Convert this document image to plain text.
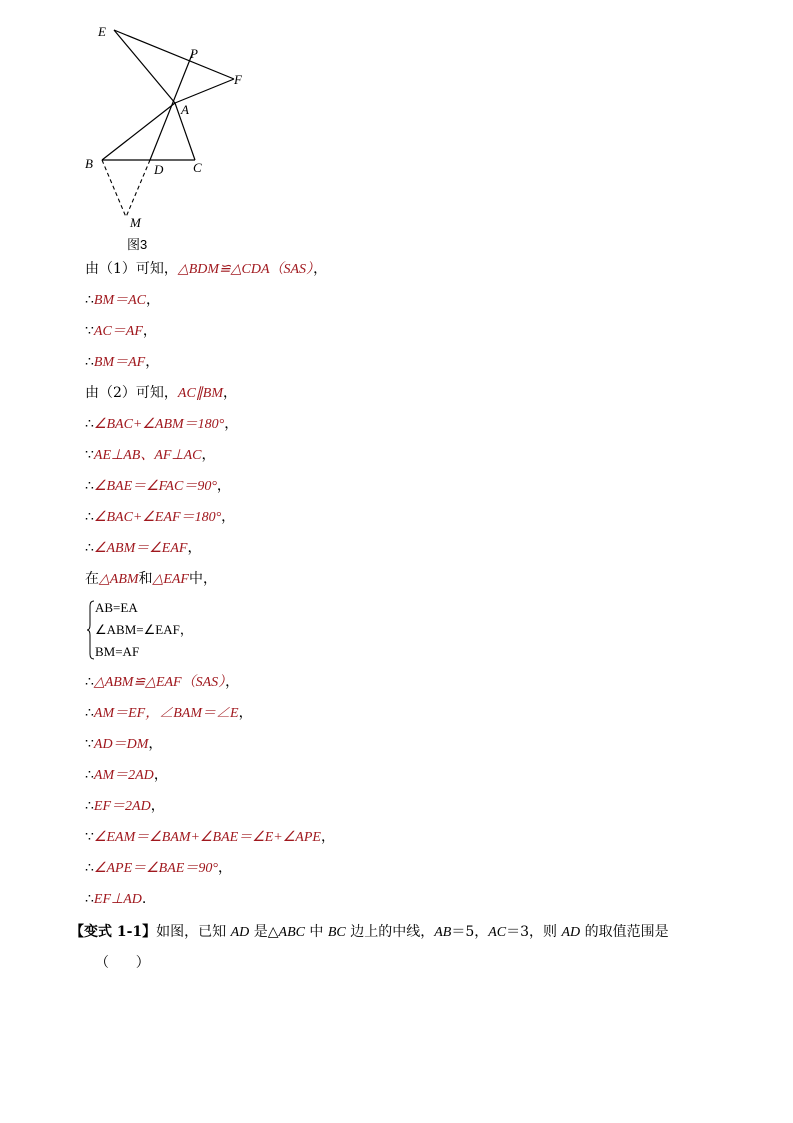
E
P
F
A
B	D C
M
图3
由（1）可知，△BDM≌△CDA（SAS），
∴BM＝AC，
∵AC＝AF，
∴BM＝AF，
由（2）可知，AC∥BM，
∴∠BAC+∠ABM＝180°，
∵AE⊥AB、AF⊥AC，
∴∠BAE＝∠FAC＝90°，
∴∠BAC+∠EAF＝180°，
∴∠ABM＝∠EAF，
在△ABM和△EAF中，
AB=EA
∠ABM=∠EAF，
BM=AF
∴△ABM≌△EAF（SAS），
∴AM＝EF，∠BAM＝∠E，
∵AD＝DM，
∴AM＝2AD，
∴EF＝2AD，
∵∠EAM＝∠BAM+∠BAE＝∠E+∠APE，
∴∠APE＝∠BAE＝90°，
∴EF⊥AD.
【变式 1-1】如图，已知 AD 是△ABC 中 BC 边上的中线，AB＝5，AC＝3，则 AD 的取值范围是
（      ）
